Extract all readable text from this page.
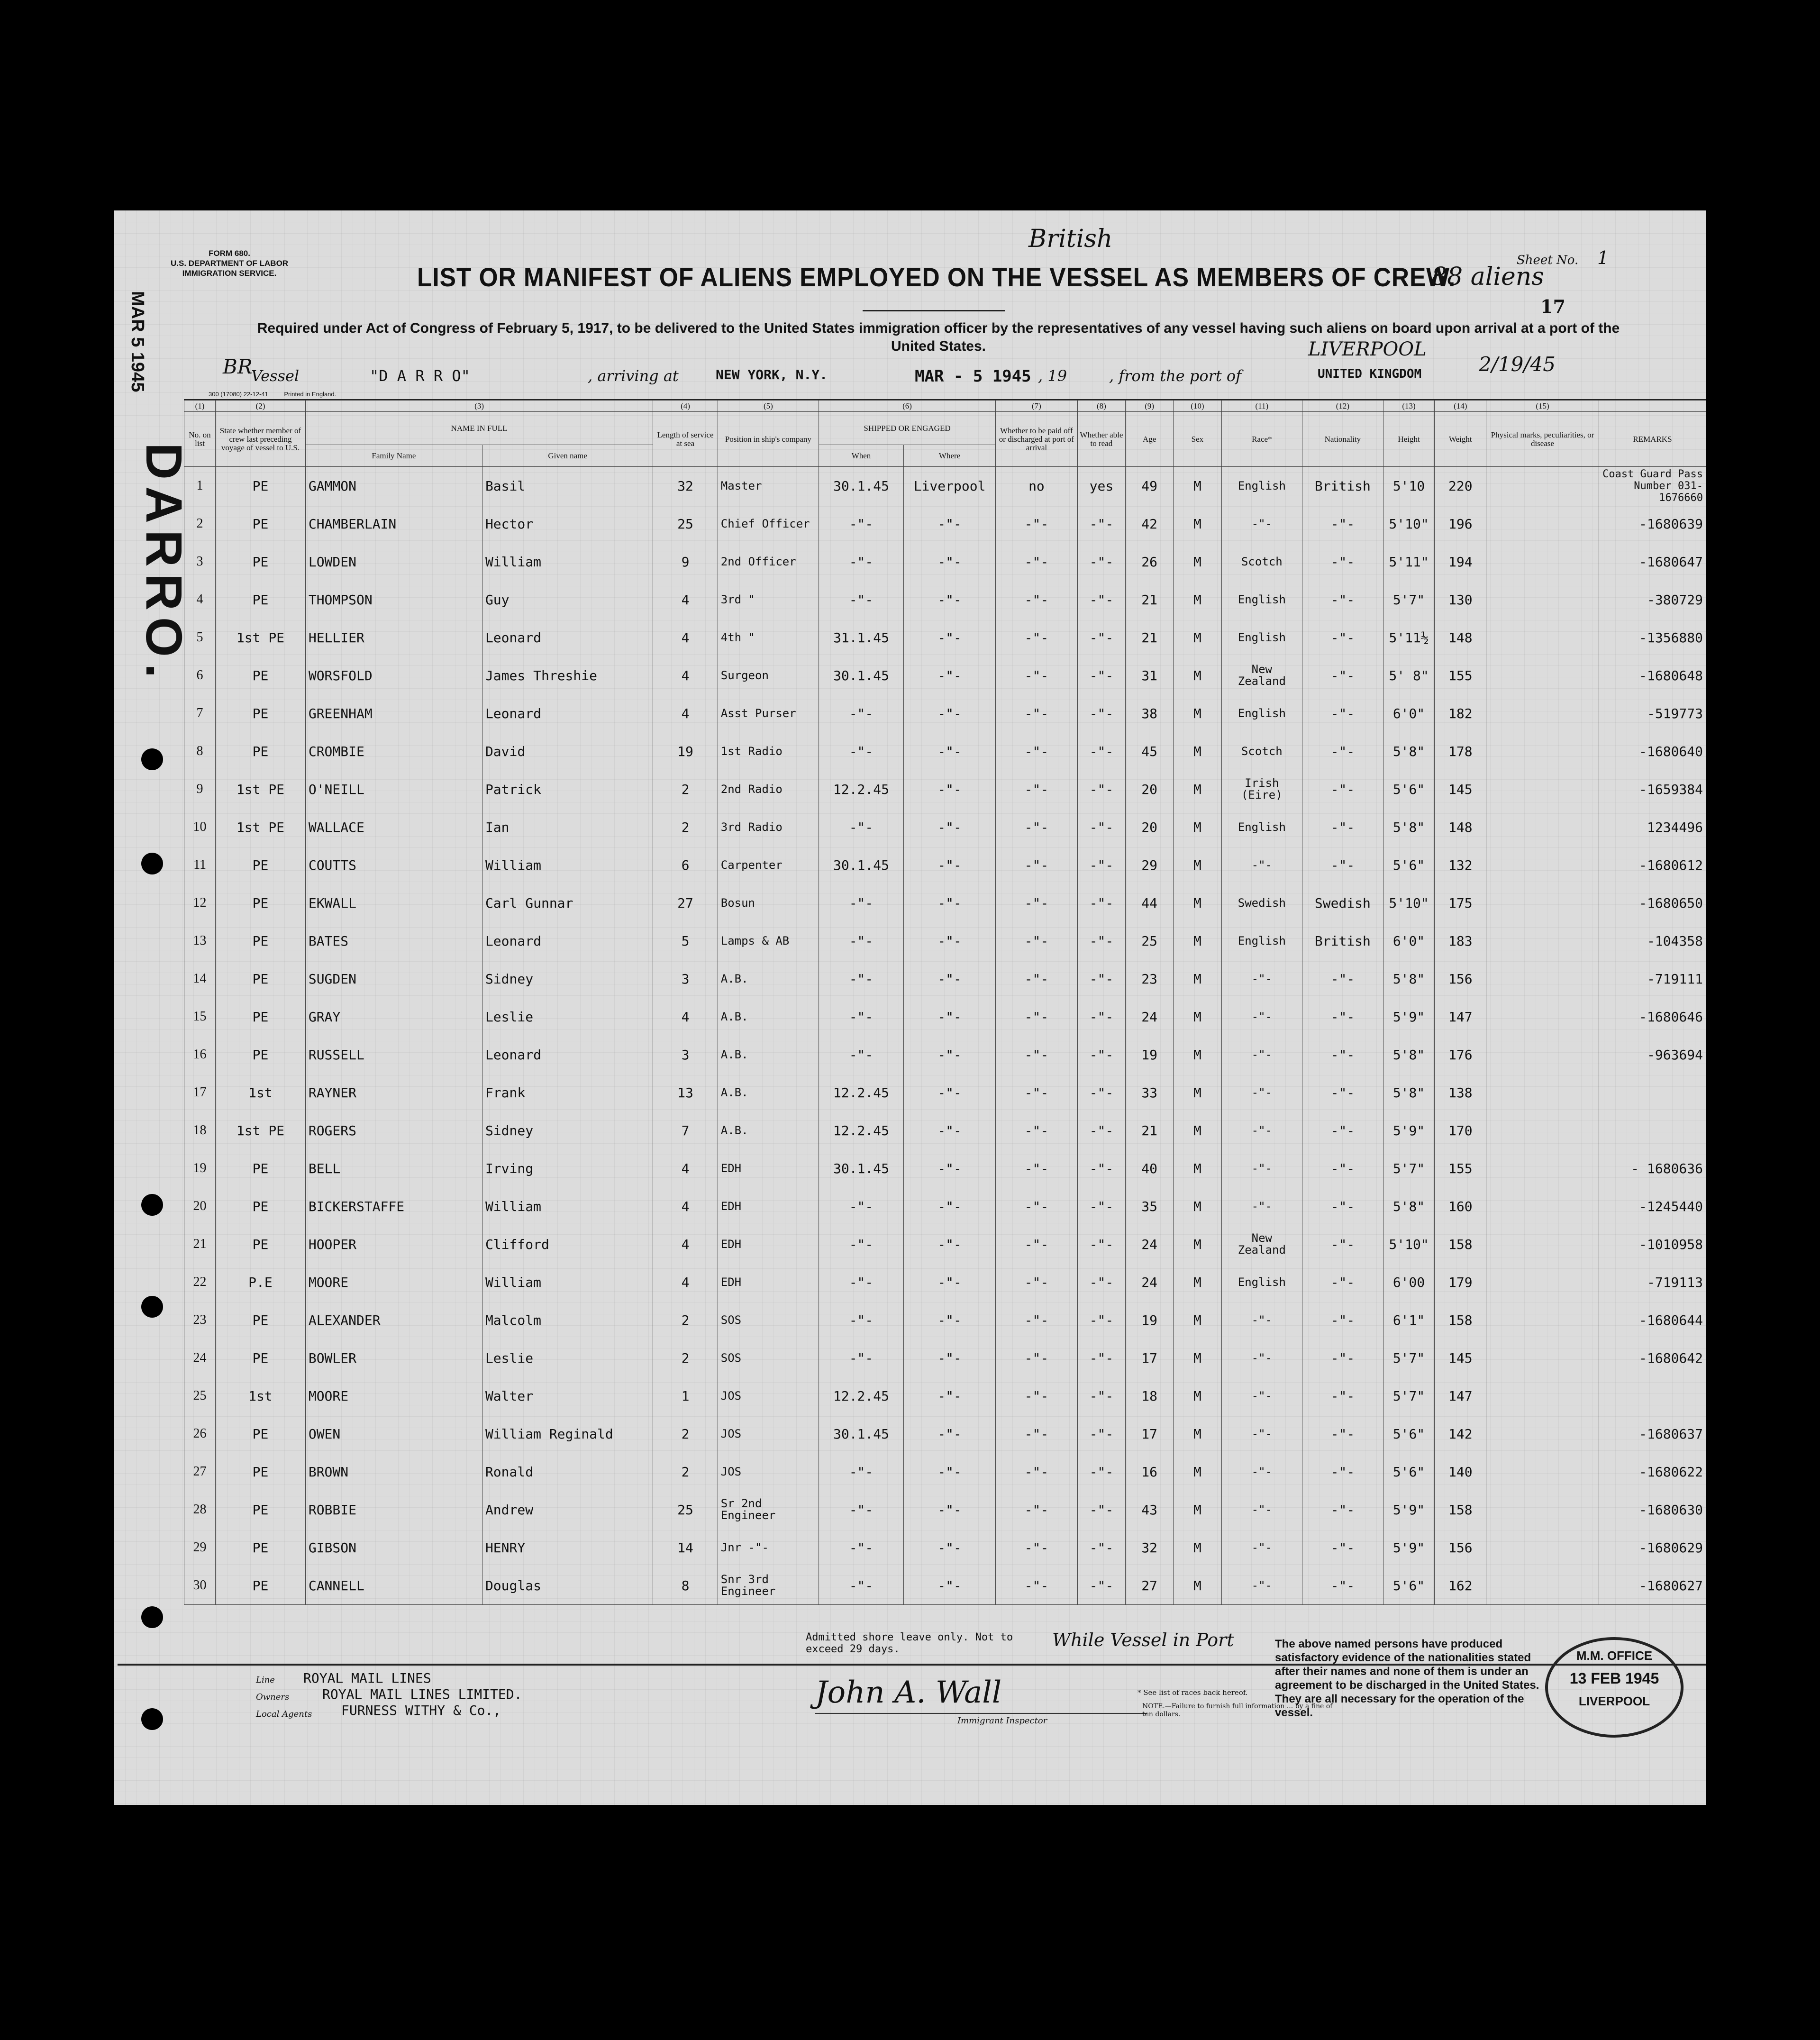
MAR 5 1945
DARRO.
FORM 680.
U.S. DEPARTMENT OF LABOR
IMMIGRATION SERVICE.
300 (17080) 22-12-41	Printed in England.
British
LIST OR MANIFEST OF ALIENS EMPLOYED ON THE VESSEL AS MEMBERS OF CREW.
88 aliens
Sheet No. 1
17
Required under Act of Congress of February 5, 1917, to be delivered to the United States immigration officer by the representatives of any vessel having such aliens on board upon arrival at a port of the United States.
BR
Vessel	"D A R R O"	, arriving at	NEW YORK, N.Y.	MAR - 5 1945 , 19	, from the port of
LIVERPOOL
UNITED KINGDOM	2/19/45
(1)	(2)	(3)		(4)	(5)	(6)		(7)	(8)	(9)	(10)	(11)	(12)	(13)	(14)	(15)	
No. on list	State whether member of crew last preceding voyage of vessel to U.S.	NAME IN FULL		Length of service at sea	Position in ship's company	SHIPPED OR ENGAGED		Whether to be paid off or discharged at port of arrival	Whether able to read	Age	Sex	Race*	Nationality	Height	Weight	Physical marks, peculiarities, or disease	REMARKS
		Family Name	Given name			When	Where										
1	PE	GAMMON	Basil	32	Master	30.1.45	Liverpool	no	yes	49	M	English	British	5'10	220		Coast Guard Pass Number 031- 1676660
2	PE	CHAMBERLAIN	Hector	25	Chief Officer	-"-	-"-	-"-	-"-	42	M	-"-	-"-	5'10"	196		-1680639
3	PE	LOWDEN	William	9	2nd Officer	-"-	-"-	-"-	-"-	26	M	Scotch	-"-	5'11"	194		-1680647
4	PE	THOMPSON	Guy	4	3rd "	-"-	-"-	-"-	-"-	21	M	English	-"-	5'7"	130		-380729
5	1st PE	HELLIER	Leonard	4	4th "	31.1.45	-"-	-"-	-"-	21	M	English	-"-	5'11½	148		-1356880
6	PE	WORSFOLD	James Threshie	4	Surgeon	30.1.45	-"-	-"-	-"-	31	M	New Zealand	-"-	5' 8"	155		-1680648
7	PE	GREENHAM	Leonard	4	Asst Purser	-"-	-"-	-"-	-"-	38	M	English	-"-	6'0"	182		-519773
8	PE	CROMBIE	David	19	1st Radio	-"-	-"-	-"-	-"-	45	M	Scotch	-"-	5'8"	178		-1680640
9	1st PE	O'NEILL	Patrick	2	2nd Radio	12.2.45	-"-	-"-	-"-	20	M	Irish (Eire)	-"-	5'6"	145		-1659384
10	1st PE	WALLACE	Ian	2	3rd Radio	-"-	-"-	-"-	-"-	20	M	English	-"-	5'8"	148		1234496
11	PE	COUTTS	William	6	Carpenter	30.1.45	-"-	-"-	-"-	29	M	-"-	-"-	5'6"	132		-1680612
12	PE	EKWALL	Carl Gunnar	27	Bosun	-"-	-"-	-"-	-"-	44	M	Swedish	Swedish	5'10"	175		-1680650
13	PE	BATES	Leonard	5	Lamps & AB	-"-	-"-	-"-	-"-	25	M	English	British	6'0"	183		-104358
14	PE	SUGDEN	Sidney	3	A.B.	-"-	-"-	-"-	-"-	23	M	-"-	-"-	5'8"	156		-719111
15	PE	GRAY	Leslie	4	A.B.	-"-	-"-	-"-	-"-	24	M	-"-	-"-	5'9"	147		-1680646
16	PE	RUSSELL	Leonard	3	A.B.	-"-	-"-	-"-	-"-	19	M	-"-	-"-	5'8"	176		-963694
17	1st	RAYNER	Frank	13	A.B.	12.2.45	-"-	-"-	-"-	33	M	-"-	-"-	5'8"	138		
18	1st PE	ROGERS	Sidney	7	A.B.	12.2.45	-"-	-"-	-"-	21	M	-"-	-"-	5'9"	170		
19	PE	BELL	Irving	4	EDH	30.1.45	-"-	-"-	-"-	40	M	-"-	-"-	5'7"	155		- 1680636
20	PE	BICKERSTAFFE	William	4	EDH	-"-	-"-	-"-	-"-	35	M	-"-	-"-	5'8"	160		-1245440
21	PE	HOOPER	Clifford	4	EDH	-"-	-"-	-"-	-"-	24	M	New Zealand	-"-	5'10"	158		-1010958
22	P.E	MOORE	William	4	EDH	-"-	-"-	-"-	-"-	24	M	English	-"-	6'00	179		-719113
23	PE	ALEXANDER	Malcolm	2	SOS	-"-	-"-	-"-	-"-	19	M	-"-	-"-	6'1"	158		-1680644
24	PE	BOWLER	Leslie	2	SOS	-"-	-"-	-"-	-"-	17	M	-"-	-"-	5'7"	145		-1680642
25	1st	MOORE	Walter	1	JOS	12.2.45	-"-	-"-	-"-	18	M	-"-	-"-	5'7"	147		
26	PE	OWEN	William Reginald	2	JOS	30.1.45	-"-	-"-	-"-	17	M	-"-	-"-	5'6"	142		-1680637
27	PE	BROWN	Ronald	2	JOS	-"-	-"-	-"-	-"-	16	M	-"-	-"-	5'6"	140		-1680622
28	PE	ROBBIE	Andrew	25	Sr 2nd Engineer	-"-	-"-	-"-	-"-	43	M	-"-	-"-	5'9"	158		-1680630
29	PE	GIBSON	HENRY	14	Jnr -"-	-"-	-"-	-"-	-"-	32	M	-"-	-"-	5'9"	156		-1680629
30	PE	CANNELL	Douglas	8	Snr 3rd Engineer	-"-	-"-	-"-	-"-	27	M	-"-	-"-	5'6"	162		-1680627
Admitted shore leave only. Not to exceed 29 days.	While Vessel in Port
Line ROYAL MAIL LINES
Owners ROYAL MAIL LINES LIMITED.
Local Agents FURNESS WITHY & Co.,
John A. Wall
Immigrant Inspector
* See list of races back hereof.
NOTE.—Failure to furnish full information ... by a fine of ten dollars.
The above named persons have produced satisfactory evidence of the nationalities stated after their names and none of them is under an agreement to be discharged in the United States. They are all necessary for the operation of the vessel.
M.M. OFFICE
13 FEB 1945
LIVERPOOL
